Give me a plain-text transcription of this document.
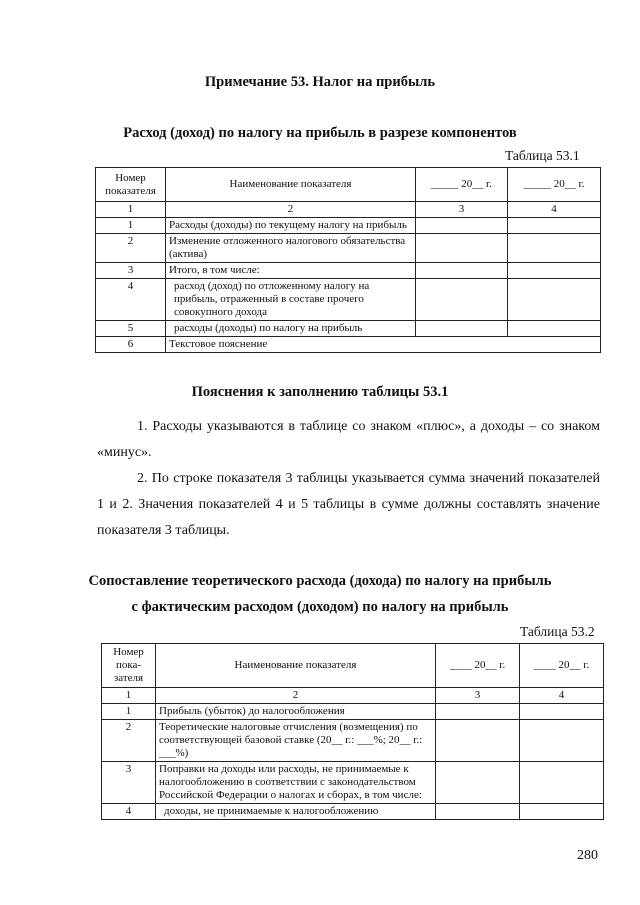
Примечание 53. Налог на прибыль
Расход (доход) по налогу на прибыль в разрезе компонентов
Таблица 53.1
Номер показателя	Наименование показателя	_____ 20__ г.	_____ 20__ г.
1	2	3	4
1	Расходы (доходы) по текущему налогу на прибыль		
2	Изменение отложенного налогового обязательства (актива)		
3	Итого, в том числе:		
4	расход (доход) по отложенному налогу на прибыль, отраженный в составе прочего совокупного дохода		
5	расходы (доходы) по налогу на прибыль		
6	Текстовое пояснение		
Пояснения к заполнению таблицы 53.1
1. Расходы указываются в таблице со знаком «плюс», а доходы – со знаком «минус».
2. По строке показателя 3 таблицы указывается сумма значений показателей 1 и 2. Значения показателей 4 и 5 таблицы в сумме должны составлять значение показателя 3 таблицы.
Сопоставление теоретического расхода (дохода) по налогу на прибыль
с фактическим расходом (доходом) по налогу на прибыль
Таблица 53.2
Номер пока-зателя	Наименование показателя	____ 20__ г.	____ 20__ г.
1	2	3	4
1	Прибыль (убыток) до налогообложения		
2	Теоретические налоговые отчисления (возмещения) по соответствующей базовой ставке (20__ г.: ___%; 20__ г.: ___%)		
3	Поправки на доходы или расходы, не принимаемые к налогообложению в соответствии с законодательством Российской Федерации о налогах и сборах, в том числе:		
4	доходы, не принимаемые к налогообложению		
280
